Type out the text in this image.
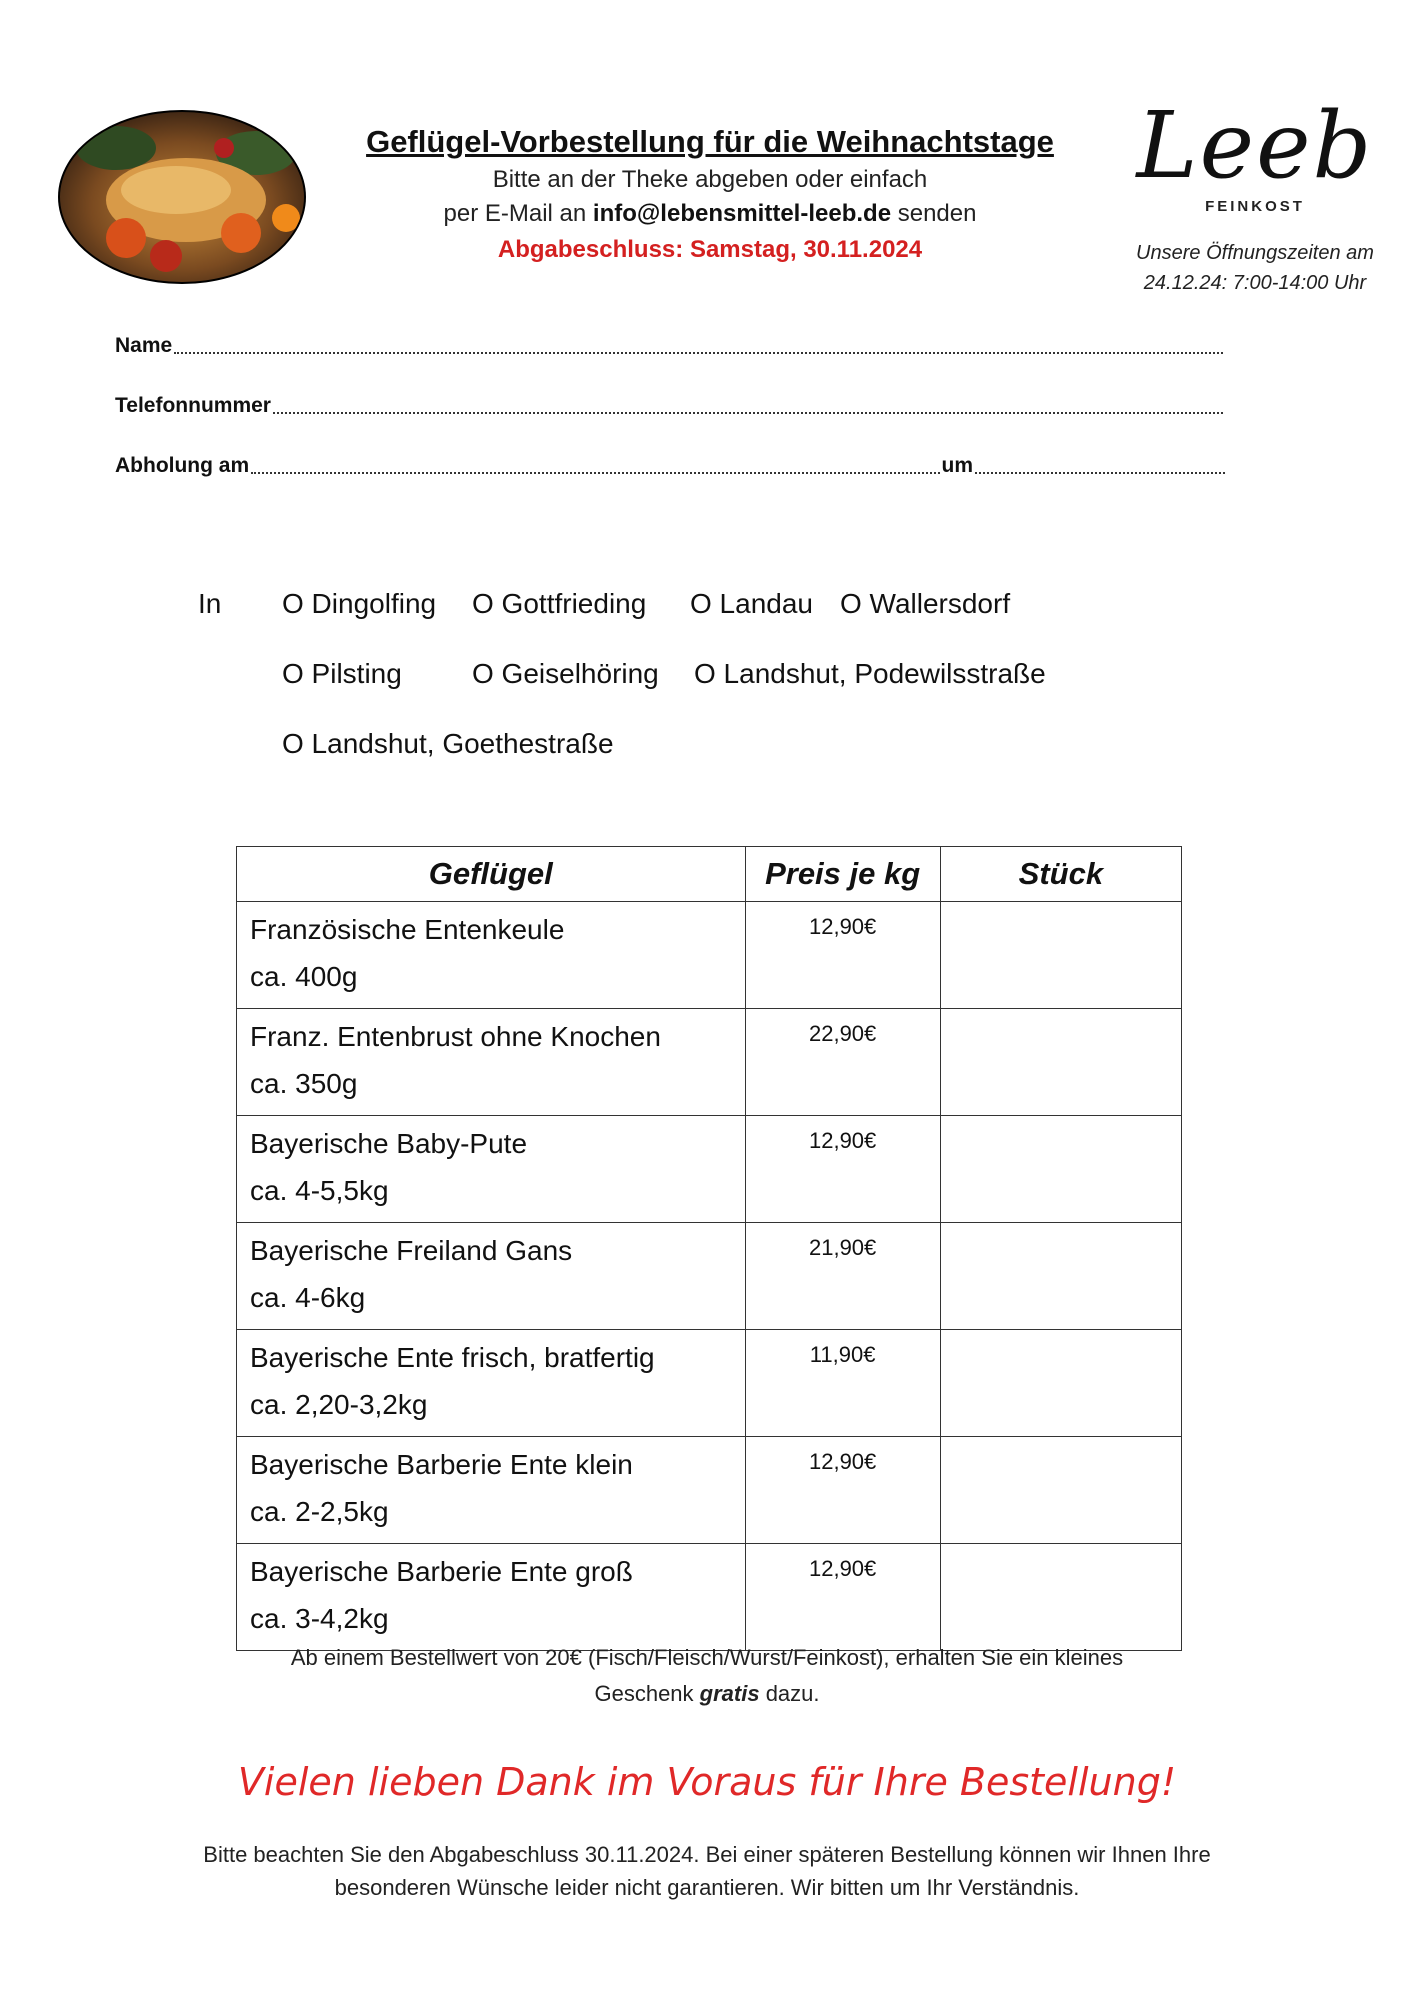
Geflügel-Vorbestellung für die Weihnachtstage
Bitte an der Theke abgeben oder einfach
per E-Mail an info@lebensmittel-leeb.de senden
Abgabeschluss: Samstag, 30.11.2024
Leeb
FEINKOST
Unsere Öffnungszeiten am
24.12.24: 7:00-14:00 Uhr
Name
Telefonnummer
Abholung am	um
In O Dingolfing O Gottfrieding O Landau O Wallersdorf
O Pilsting	O Geiselhöring O Landshut, Podewilsstraße
O Landshut, Goethestraße
Geflügel	Preis je kg	Stück

Französische Entenkeule
ca. 400g	12,90€	

Franz. Entenbrust ohne Knochen
ca. 350g	22,90€	

Bayerische Baby-Pute
ca. 4-5,5kg	12,90€	

Bayerische Freiland Gans
ca. 4-6kg	21,90€	

Bayerische Ente frisch, bratfertig
ca. 2,20-3,2kg	11,90€	

Bayerische Barberie Ente klein
ca. 2-2,5kg	12,90€	

Bayerische Barberie Ente groß
ca. 3-4,2kg	12,90€	
Ab einem Bestellwert von 20€ (Fisch/Fleisch/Wurst/Feinkost), erhalten Sie ein kleines
Geschenk gratis dazu.
Vielen lieben Dank im Voraus für Ihre Bestellung!
Bitte beachten Sie den Abgabeschluss 30.11.2024. Bei einer späteren Bestellung können wir Ihnen Ihre
besonderen Wünsche leider nicht garantieren. Wir bitten um Ihr Verständnis.
